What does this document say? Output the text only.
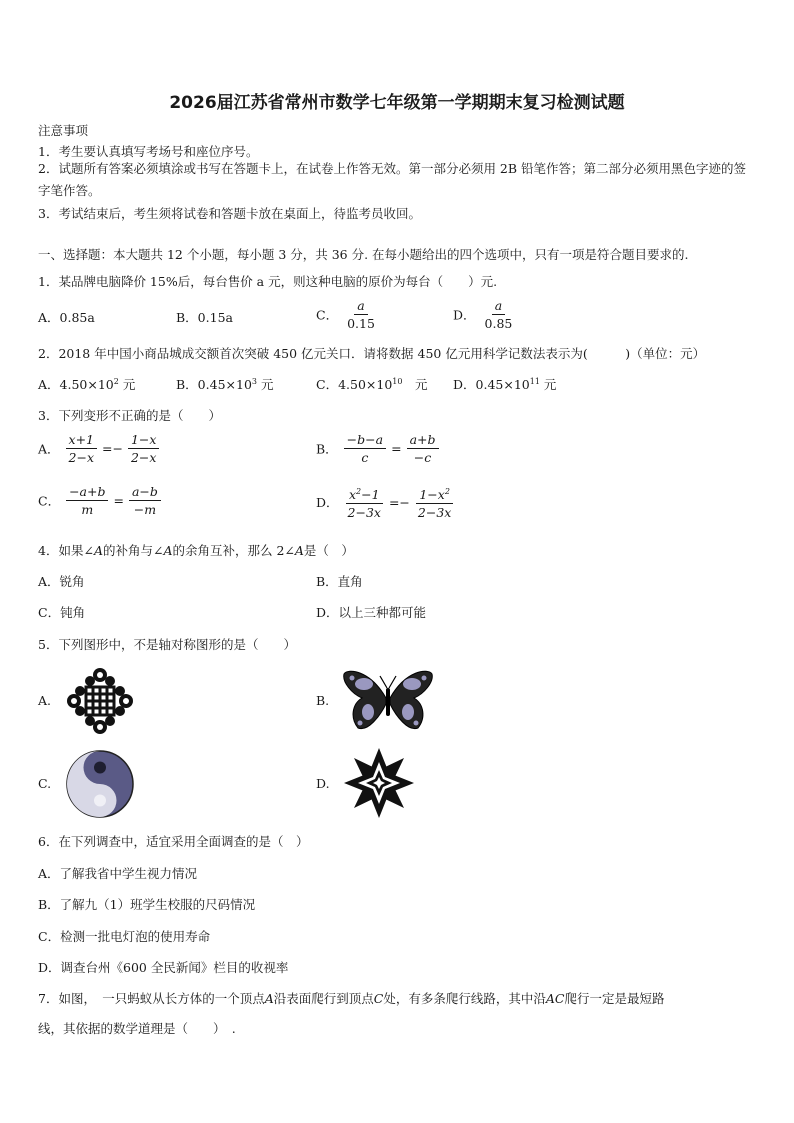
2026届江苏省常州市数学七年级第一学期期末复习检测试题
注意事项
1．考生要认真填写考场号和座位序号。
2．试题所有答案必须填涂或书写在答题卡上，在试卷上作答无效。第一部分必须用 2B 铅笔作答；第二部分必须用黑色字迹的签字笔作答。
3．考试结束后，考生须将试卷和答题卡放在桌面上，待监考员收回。
一、选择题：本大题共 12 个小题，每小题 3 分，共 36 分. 在每小题给出的四个选项中，只有一项是符合题目要求的.
1．某品牌电脑降价 15%后，每台售价 a 元，则这种电脑的原价为每台（　　）元.
A．0.85a	B．0.15a	C． $\frac{a}{0.15}$	D． $\frac{a}{0.85}$
2．2018 年中国小商品城成交额首次突破 450 亿元关口．请将数据 450 亿元用科学记数法表示为(　　　)（单位：元）
A．$4.50\times 10^2$ 元	B．$0.45\times 10^3$ 元	C．$4.50\times 10^{10}$　元 D．$0.45\times 10^{11}$ 元
3．下列变形不正确的是（　　）
A． $\frac{x+1}{2-x} =- \frac{1-x}{2-x}$	B． $\frac{-b-a}{c} = \frac{a+b}{-c}$
C． $\frac{-a+b}{m} = \frac{a-b}{-m}$	D． $\frac{x^2-1}{2-3x} =- \frac{1-x^2}{2-3x}$
4．如果∠A的补角与∠A的余角互补，那么 2∠A是（　）
A．锐角	B．直角
C．钝角	D．以上三种都可能
5．下列图形中，不是轴对称图形的是（　　）
A.	B.
C.	D.
6．在下列调查中，适宜采用全面调查的是（　）
A．了解我省中学生视力情况
B．了解九（1）班学生校服的尺码情况
C．检测一批电灯泡的使用寿命
D．调查台州《600 全民新闻》栏目的收视率
7．如图，　一只蚂蚁从长方体的一个顶点A沿表面爬行到顶点C处，有多条爬行线路，其中沿AC爬行一定是最短路
线，其依据的数学道理是（　　）　.
